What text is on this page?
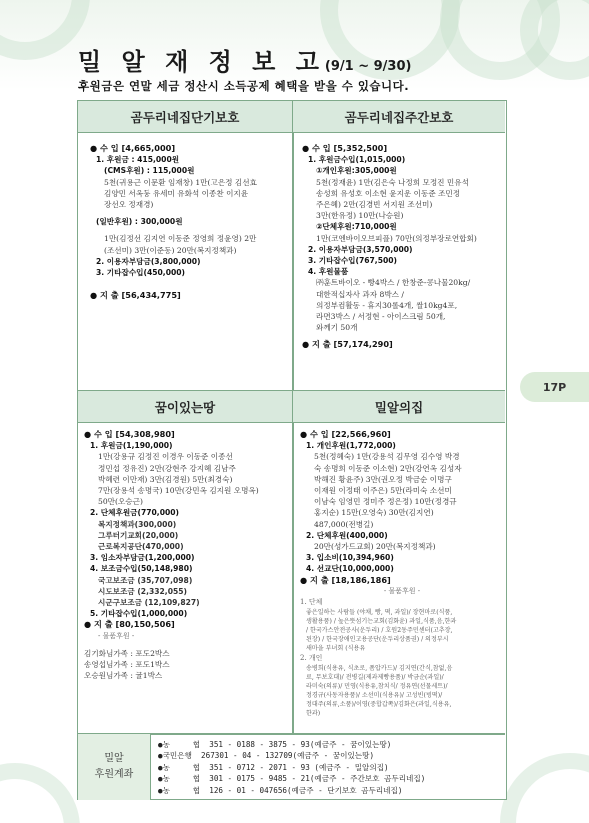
밀 알 재 정 보 고(9/1 ~ 9/30)
후원금은 연말 세금 정산시 소득공제 혜택을 받을 수 있습니다.
17P
곰두리네집단기보호	곰두리네집주간보호
꿈이있는땅	밀알의집
● 수 입 [4,665,000]
1. 후원금 : 415,000원
(CMS후원) : 115,000원
5천(귀용근 이문환 임재창) 1만(고은정 김선효
김양민 서옥둥 유세미 유화석 이종찬 이지윤
장선오 정재경)

(일반후원) : 300,000원

1만(김정선 김지연 이동준 정영희 정윤영) 2만
(조선미) 3만(이준동) 20만(복지정책과)
2. 이용자부담금(3,800,000)
3. 기타잡수입(450,000)

● 지 출 [56,434,775]
● 수 입 [5,352,500]
1. 후원금수입(1,015,000)
①개인후원:305,000원
5천(정재윤) 1만(김은숙 나정희 모정진 민유석
송성희 유성호 이소현 윤지운 이동준 조민정
주은혜) 2만(김경빈 서지원 조선미)
3만(한유정) 10만(나승원)
②단체후원:710,000원
1만(코엔바이오브피플) 70만(의정부장로연합회)
2. 이용자부담금(3,570,000)
3. 기타잡수입(767,500)
4. 후원물품
㈜훈트바이오 - 빵4박스 / 한창준-콩나물20kg/
대한적십자사 과자 8박스 /
의정부컴활동 - 휴지30롤4개, 쌀10kg4포,
라면3박스 / 서정현 - 아이스크림 50개,
와께기 50개

● 지 출 [57,174,290]
● 수 입 [54,308,980]
1. 후원금(1,190,000)
1만(강용규 김정진 이경우 이동준 이종선
정민섭 정유진) 2만(강현주 강지혜 김남주
박혜련 이만재) 3만(김경원) 5만(최경숙)
7만(장용석 송명국) 10만(강민옥 김지원 오명옥)
50만(오승근)
2. 단체후원금(770,000)
복지정책과(300,000)
그루터기교회(20,000)
근로복지공단(470,000)
3. 임소자부담금(1,200,000)
4. 보조금수입(50,148,980)
국고보조금 (35,707,098)
시도보조금 (2,332,055)
시군구보조금 (12,109,827)
5. 기타잡수입(1,000,000)
● 지 출 [80,150,506]
- 물품후원 -

김기화님가족 : 포도2박스
송영섭님가족 : 포도1박스
오승원님가족 : 귤1박스
● 수 입 [22,566,960]
1. 개인후원(1,772,000)
5천(정혜숙) 1만(강용석 김무영 김수영 박경
숙 송명희 이동준 이소현) 2만(강연옥 김성자
박해진 황윤주) 3만(권오정 박금순 이명구
이재원 이정태 이주은) 5만(라미숙 소선미
이남숙 임영민 정미주 정은정) 10만(정경규
홍지순) 15만(오영숙) 30만(김지연)
487,000(전병길)
2. 단체후원(400,000)
20만(성가드교회) 20만(복지정책과)
3. 입소비(10,394,960)
4. 선교단(10,000,000)
● 지 출 [18,186,186]
- 물품후원 -
1. 단체
좋은일하는 사람들 (야채, 빵, 떡, 과일)/ 장현마로(식품,
생활용품) / 높은뜻섬기는교회(김화윤) 과일,식품,음,한과
/ 한국가스안전공사(운두리) / 호원2동주민센터(고추장,
된장) / 한국장애인고용공단(운두리상품권) / 의정부시
새마을 부녀회 (식용유
2. 개인
송병희(식용유, 식초로, 폼압카드)/ 김지연(간식,참없,음
료, 무보호대)/ 전병길(제과제빵용품)/ 박금순(과일)/
라미숙(의류)/ 민영(식용유,참치식/ 정유연(선물세트)/
정경규(사동자용품)/ 소선미(식용유)/ 고성빈(빙떡)/
정대주(의류,소품)/이영(중합갑쪽)/김화은(과일,식용유,
한과)
밀알
후원계좌
●농     협  351 - 0188 - 3875 - 93(예금주 - 꿈이있는땅)
●국민은행  267301 - 04 - 132709(예금주 - 꿈이있는땅)
●농     협  351 - 0712 - 2071 - 93 (예금주 - 밀알의집)
●농     협  301 - 0175 - 9485 - 21(예금주 - 주간보호 곰두리네집)
●농     협  126 - 01 - 047656(예금주 - 단기보호 곰두리네집)
